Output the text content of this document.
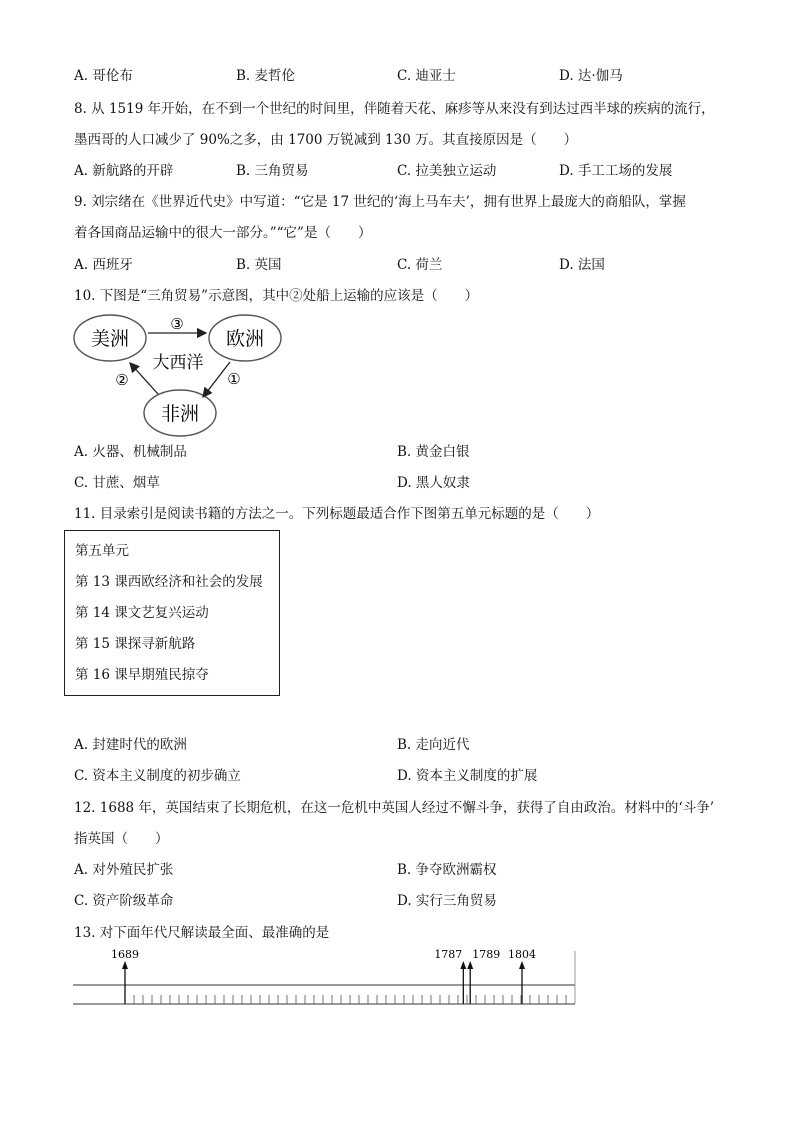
A. 哥伦布	B. 麦哲伦	C. 迪亚士	D. 达·伽马
8. 从 1519 年开始，在不到一个世纪的时间里，伴随着天花、麻疹等从来没有到达过西半球的疾病的流行，
墨西哥的人口减少了 90%之多，由 1700 万锐减到 130 万。其直接原因是（　　）
A. 新航路的开辟	B. 三角贸易	C. 拉美独立运动	D. 手工工场的发展
9. 刘宗绪在《世界近代史》中写道：“它是 17 世纪的‘海上马车夫’，拥有世界上最庞大的商船队，掌握
着各国商品运输中的很大一部分。”“它”是（　　）
A. 西班牙	B. 英国	C. 荷兰	D. 法国
10. 下图是“三角贸易”示意图，其中②处船上运输的应该是（　　）
美洲	欧洲
非洲
大西洋
③
①
②
A. 火器、机械制品	B. 黄金白银
C. 甘蔗、烟草	D. 黑人奴隶
11. 目录索引是阅读书籍的方法之一。下列标题最适合作下图第五单元标题的是（　　）
第五单元
第 13 课西欧经济和社会的发展
第 14 课文艺复兴运动
第 15 课探寻新航路
第 16 课早期殖民掠夺
A. 封建时代的欧洲	B. 走向近代
C. 资本主义制度的初步确立	D. 资本主义制度的扩展
12. 1688 年，英国结束了长期危机，在这一危机中英国人经过不懈斗争，获得了自由政治。材料中的‘斗争’
指英国（　　）
A. 对外殖民扩张	B. 争夺欧洲霸权
C. 资产阶级革命	D. 实行三角贸易
13. 对下面年代尺解读最全面、最准确的是
1689	1787 1789 1804
